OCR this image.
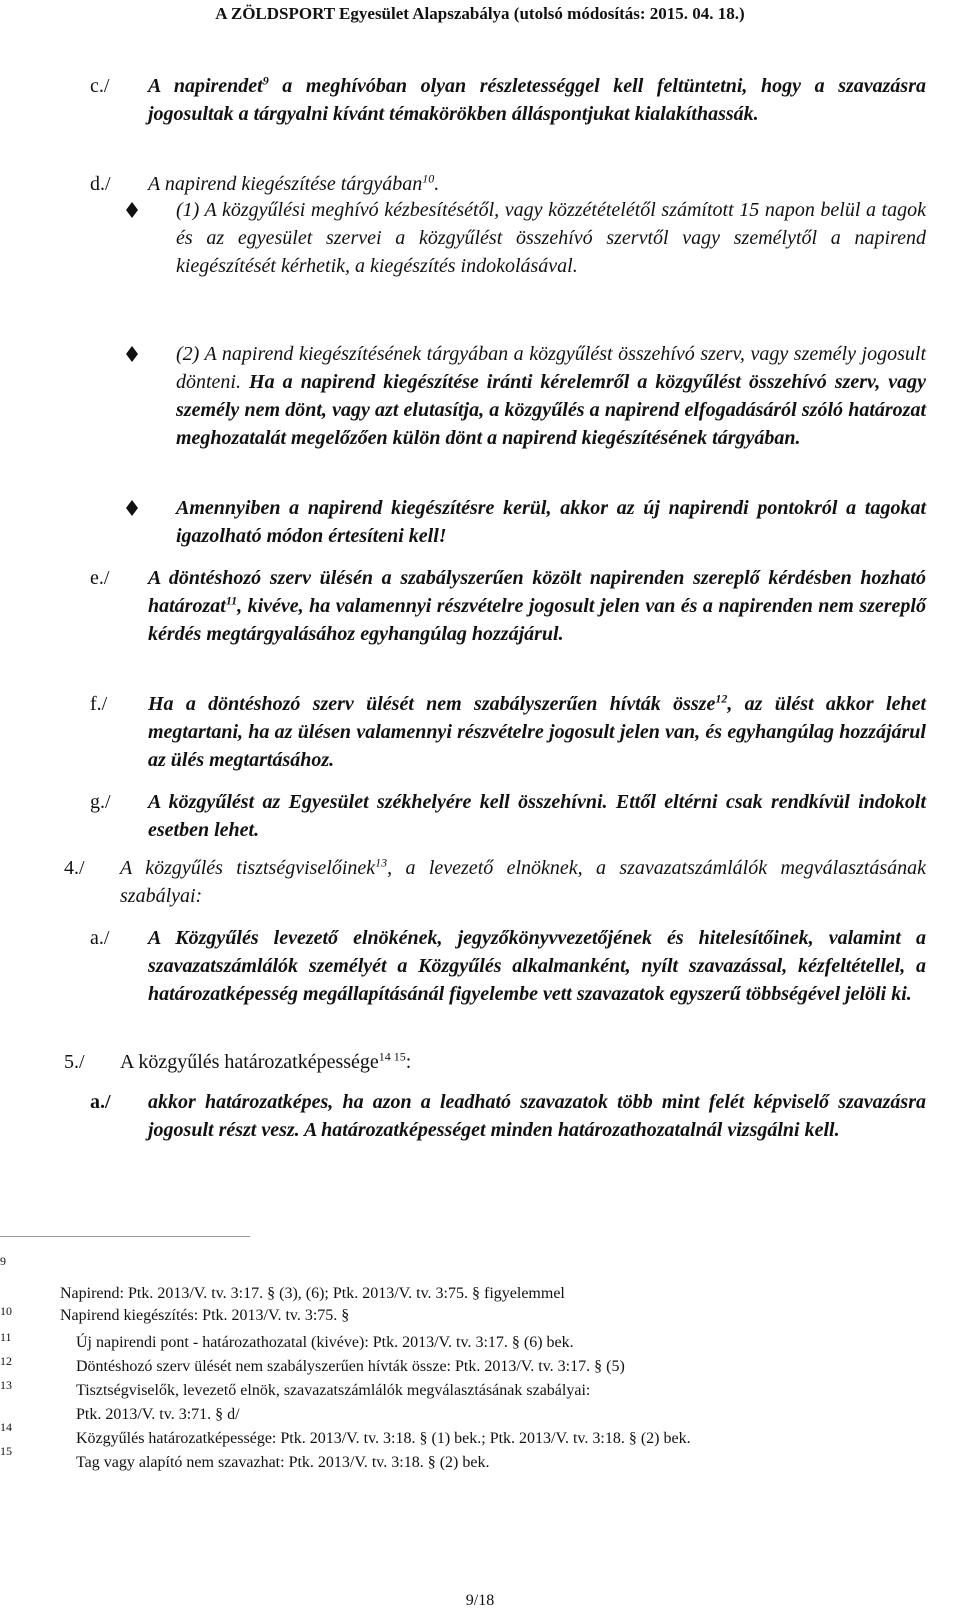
A ZÖLDSPORT Egyesület Alapszabálya (utolsó módosítás: 2015. 04. 18.)
c./ A napirendet$^9$ a meghívóban olyan részletességgel kell feltüntetni, hogy a szavazásra jogosultak a tárgyalni kívánt témakörökben álláspontjukat kialakíthassák.
d./ A napirend kiegészítése tárgyában$^{10}$.
(1) A közgyűlési meghívó kézbesítésétől, vagy közzétételétől számított 15 napon belül a tagok és az egyesület szervei a közgyűlést összehívó szervtől vagy személytől a napirend kiegészítését kérhetik, a kiegészítés indokolásával.
(2) A napirend kiegészítésének tárgyában a közgyűlést összehívó szerv, vagy személy jogosult dönteni. Ha a napirend kiegészítése iránti kérelemről a közgyűlést összehívó szerv, vagy személy nem dönt, vagy azt elutasítja, a közgyűlés a napirend elfogadásáról szóló határozat meghozatalát megelőzően külön dönt a napirend kiegészítésének tárgyában.
Amennyiben a napirend kiegészítésre kerül, akkor az új napirendi pontokról a tagokat igazolható módon értesíteni kell!
e./ A döntéshozó szerv ülésén a szabályszerűen közölt napirenden szereplő kérdésben hozható határozat$^{11}$, kivéve, ha valamennyi részvételre jogosult jelen van és a napirenden nem szereplő kérdés megtárgyalásához egyhangúlag hozzájárul.
f./ Ha a döntéshozó szerv ülését nem szabályszerűen hívták össze$^{12}$, az ülést akkor lehet megtartani, ha az ülésen valamennyi részvételre jogosult jelen van, és egyhangúlag hozzájárul az ülés megtartásához.
g./ A közgyűlést az Egyesület székhelyére kell összehívni. Ettől eltérni csak rendkívül indokolt esetben lehet.
4./ A közgyűlés tisztségviselőinek$^{13}$, a levezető elnöknek, a szavazatszámlálók megválasztásának szabályai:
a./ A Közgyűlés levezető elnökének, jegyzőkönyvvezetőjének és hitelesítőinek, valamint a szavazatszámlálók személyét a Közgyűlés alkalmanként, nyílt szavazással, kézfeltétellel, a határozatképesség megállapításánál figyelembe vett szavazatok egyszerű többségével jelöli ki.
5./ A közgyűlés határozatképessége$^{14 15}$:
a./ akkor határozatképes, ha azon a leadható szavazatok több mint felét képviselő szavazásra jogosult részt vesz. A határozatképességet minden határozathozatalnál vizsgálni kell.
9
Napirend: Ptk. 2013/V. tv. 3:17. § (3), (6); Ptk. 2013/V. tv. 3:75. § figyelemmel
10	Napirend kiegészítés: Ptk. 2013/V. tv. 3:75. §
11	Új napirendi pont - határozathozatal (kivéve): Ptk. 2013/V. tv. 3:17. § (6) bek.
12	Döntéshozó szerv ülését nem szabályszerűen hívták össze: Ptk. 2013/V. tv. 3:17. § (5)
13	Tisztségviselők, levezető elnök, szavazatszámlálók megválasztásának szabályai:
Ptk. 2013/V. tv. 3:71. § d/
14
Közgyűlés határozatképessége: Ptk. 2013/V. tv. 3:18. § (1) bek.; Ptk. 2013/V. tv. 3:18. § (2) bek.
15
Tag vagy alapító nem szavazhat: Ptk. 2013/V. tv. 3:18. § (2) bek.
9/18
